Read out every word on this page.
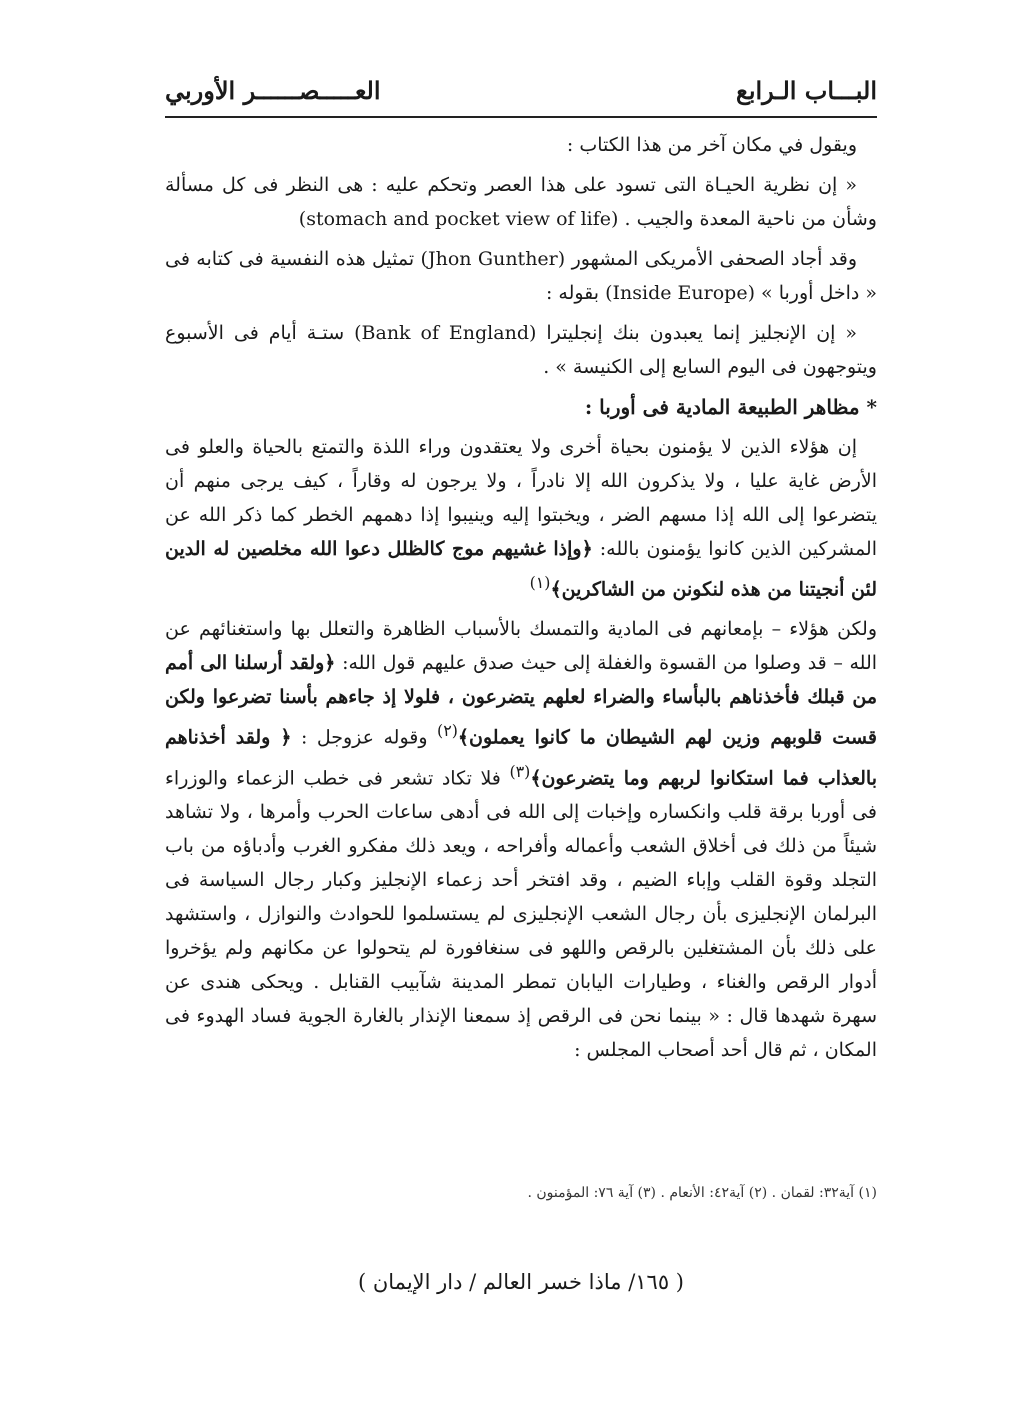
البـــاب الـرابع
العـــــصــــــر الأوربي

ويقول في مكان آخر من هذا الكتاب :

« إن نظرية الحيـاة التى تسود على هذا العصر وتحكم عليه : هى النظر فى كل مسألة وشأن من ناحية المعدة والجيب . (stomach and pocket view of life)

وقد أجاد الصحفى الأمريكى المشهور (Jhon Gunther) تمثيل هذه النفسية فى كتابه فى « داخل أوربا » (Inside Europe) بقوله :

« إن الإنجليز إنما يعبدون بنك إنجليترا (Bank of England) ستـة أيام فى الأسبوع ويتوجهون فى اليوم السابع إلى الكنيسة » .

* مظاهر الطبيعة المادية فى أوربا :

إن هؤلاء الذين لا يؤمنون بحياة أخرى ولا يعتقدون وراء اللذة والتمتع بالحياة والعلو فى الأرض غاية عليا ، ولا يذكرون الله إلا نادراً ، ولا يرجون له وقاراً ، كيف يرجى منهم أن يتضرعوا إلى الله إذا مسهم الضر ، ويخبتوا إليه وينيبوا إذا دهمهم الخطر كما ذكر الله عن المشركين الذين كانوا يؤمنون بالله: ﴿وإذا غشيهم موج كالظلل دعوا الله مخلصين له الدين لئن أنجيتنا من هذه لنكونن من الشاكرين﴾$^{(١)}$

ولكن هؤلاء – بإمعانهم فى المادية والتمسك بالأسباب الظاهرة والتعلل بها واستغنائهم عن الله – قد وصلوا من القسوة والغفلة إلى حيث صدق عليهم قول الله: ﴿ولقد أرسلنا الى أمم من قبلك فأخذناهم بالبأساء والضراء لعلهم يتضرعون ، فلولا إذ جاءهم بأسنا تضرعوا ولكن قست قلوبهم وزين لهم الشيطان ما كانوا يعملون﴾$^{(٢)}$ وقوله عزوجل : ﴿ ولقد أخذناهم بالعذاب فما استكانوا لربهم وما يتضرعون﴾$^{(٣)}$ فلا تكاد تشعر فى خطب الزعماء والوزراء فى أوربا برقة قلب وانكساره وإخبات إلى الله فى أدهى ساعات الحرب وأمرها ، ولا تشاهد شيئاً من ذلك فى أخلاق الشعب وأعماله وأفراحه ، ويعد ذلك مفكرو الغرب وأدباؤه من باب التجلد وقوة القلب وإباء الضيم ، وقد افتخر أحد زعماء الإنجليز وكبار رجال السياسة فى البرلمان الإنجليزى بأن رجال الشعب الإنجليزى لم يستسلموا للحوادث والنوازل ، واستشهد على ذلك بأن المشتغلين بالرقص واللهو فى سنغافورة لم يتحولوا عن مكانهم ولم يؤخروا أدوار الرقص والغناء ، وطيارات اليابان تمطر المدينة شآبيب القنابل . ويحكى هندى عن سهرة شهدها قال : « بينما نحن فى الرقص إذ سمعنا الإنذار بالغارة الجوية فساد الهدوء فى المكان ، ثم قال أحد أصحاب المجلس :

(١) آية٣٢: لقمان . (٢) آية٤٢: الأنعام . (٣) آية ٧٦: المؤمنون .
( ١٦٥/ ماذا خسر العالم / دار الإيمان )
